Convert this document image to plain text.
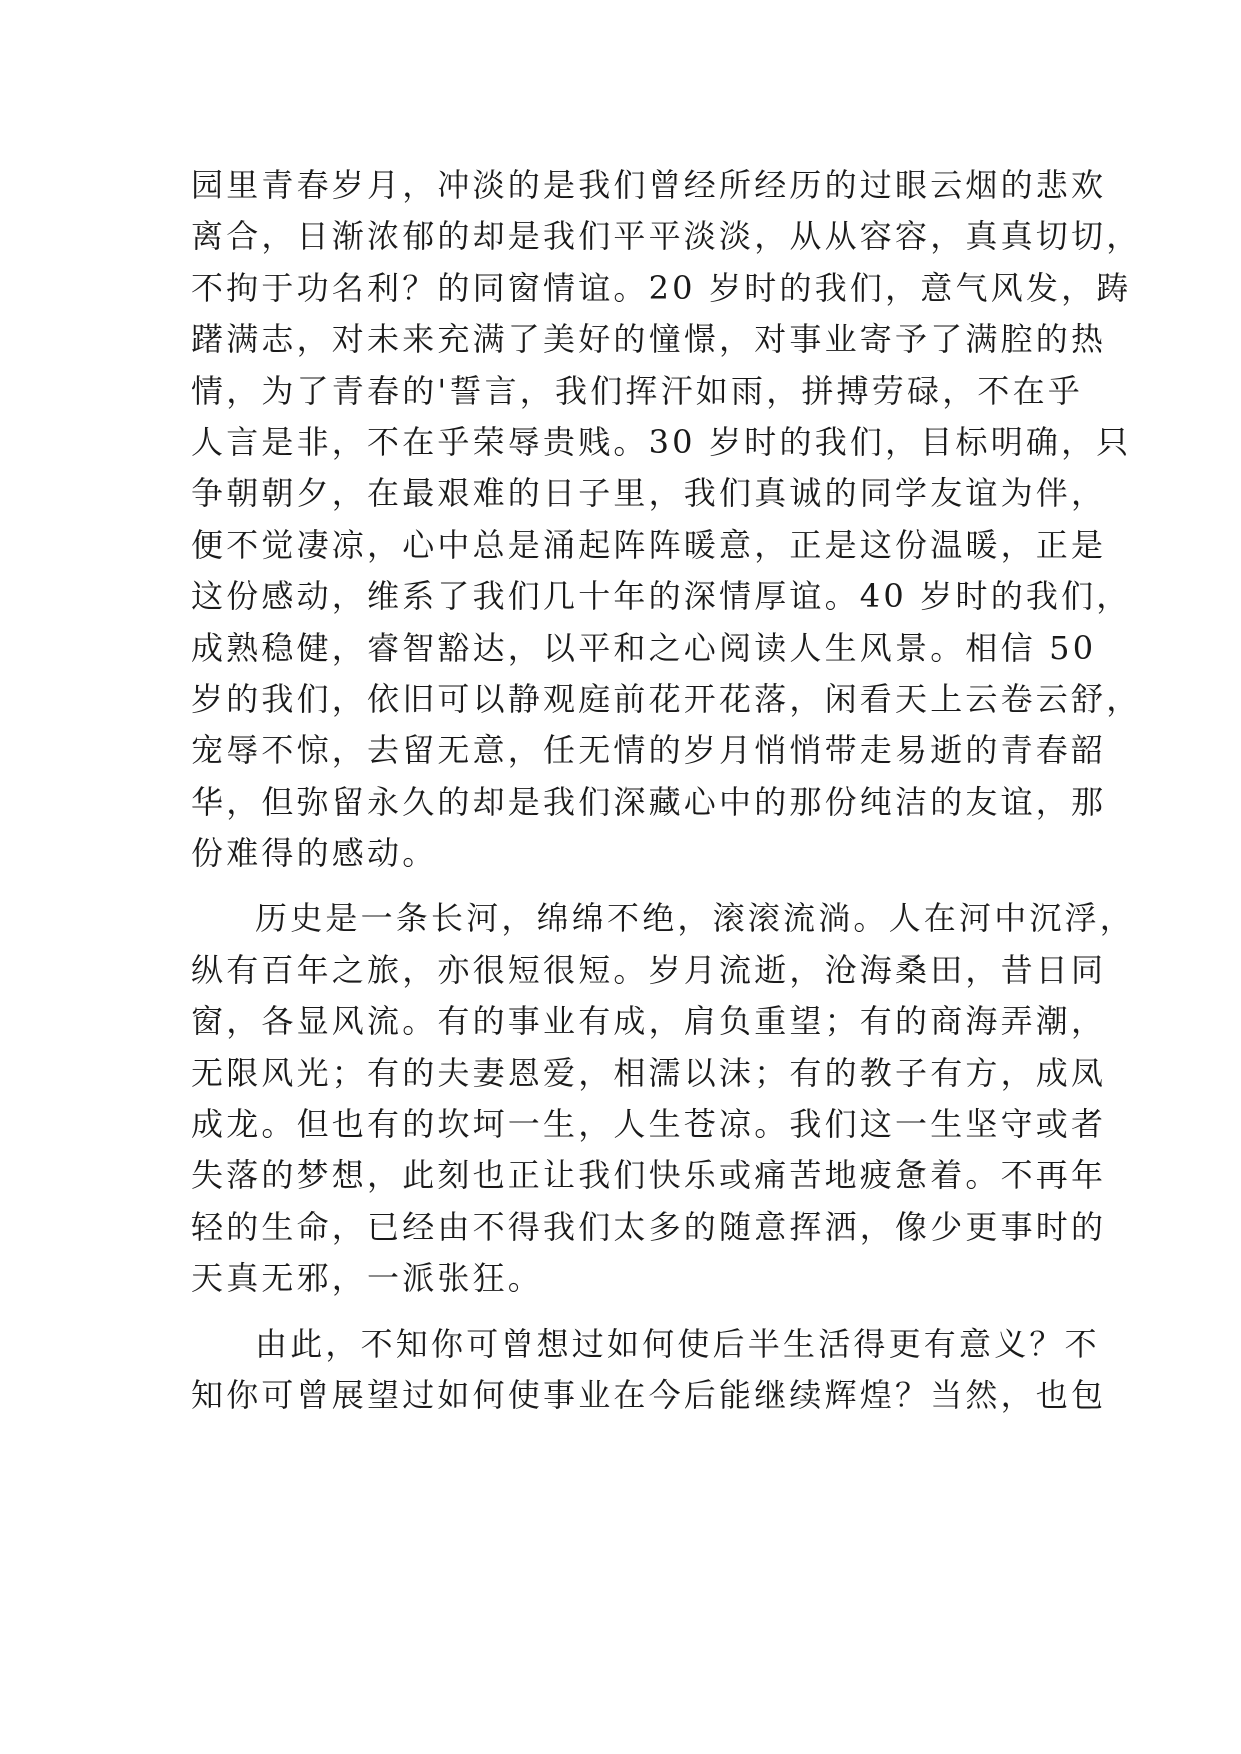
园里青春岁月，冲淡的是我们曾经所经历的过眼云烟的悲欢
离合，日渐浓郁的却是我们平平淡淡，从从容容，真真切切，
不拘于功名利？的同窗情谊。20 岁时的我们，意气风发，踌
躇满志，对未来充满了美好的憧憬，对事业寄予了满腔的热
情，为了青春的'誓言，我们挥汗如雨，拼搏劳碌，不在乎
人言是非，不在乎荣辱贵贱。30 岁时的我们，目标明确，只
争朝朝夕，在最艰难的日子里，我们真诚的同学友谊为伴，
便不觉凄凉，心中总是涌起阵阵暖意，正是这份温暖，正是
这份感动，维系了我们几十年的深情厚谊。40 岁时的我们，
成熟稳健，睿智豁达，以平和之心阅读人生风景。相信 50
岁的我们，依旧可以静观庭前花开花落，闲看天上云卷云舒，
宠辱不惊，去留无意，任无情的岁月悄悄带走易逝的青春韶
华，但弥留永久的却是我们深藏心中的那份纯洁的友谊，那
份难得的感动。
历史是一条长河，绵绵不绝，滚滚流淌。人在河中沉浮，
纵有百年之旅，亦很短很短。岁月流逝，沧海桑田，昔日同
窗，各显风流。有的事业有成，肩负重望；有的商海弄潮，
无限风光；有的夫妻恩爱，相濡以沫；有的教子有方，成凤
成龙。但也有的坎坷一生，人生苍凉。我们这一生坚守或者
失落的梦想，此刻也正让我们快乐或痛苦地疲惫着。不再年
轻的生命，已经由不得我们太多的随意挥洒，像少更事时的
天真无邪，一派张狂。
由此，不知你可曾想过如何使后半生活得更有意义？不
知你可曾展望过如何使事业在今后能继续辉煌？当然，也包
